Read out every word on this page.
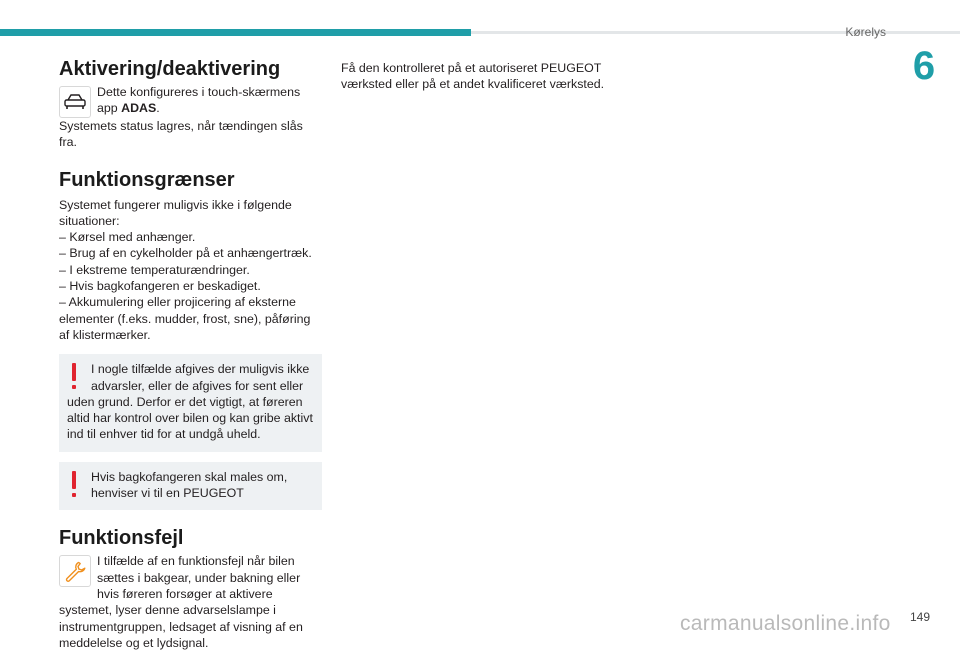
Kørelys
6
Aktivering/deaktivering
Dette konfigureres i touch-skærmens app ADAS.

Systemets status lagres, når tændingen slås fra.

Funktionsgrænser

Systemet fungerer muligvis ikke i følgende situationer:

– Kørsel med anhænger.

– Brug af en cykelholder på et anhængertræk.

– I ekstreme temperaturændringer.

– Hvis bagkofangeren er beskadiget.

– Akkumulering eller projicering af eksterne elementer (f.eks. mudder, frost, sne), påføring af klistermærker.

I nogle tilfælde afgives der muligvis ikke advarsler, eller de afgives for sent eller uden grund. Derfor er det vigtigt, at føreren altid har kontrol over bilen og kan gribe aktivt ind til enhver tid for at undgå uheld.

Hvis bagkofangeren skal males om, henviser vi til en PEUGEOT

Funktionsfejl
I tilfælde af en funktionsfejl når bilen sættes i bakgear, under bakning eller hvis føreren forsøger at aktivere systemet, lyser denne advarselslampe i instrumentgruppen, ledsaget af visning af en meddelelse og et lydsignal.

Få den kontrolleret på et autoriseret PEUGEOT værksted eller på et andet kvalificeret værksted.

carmanualsonline.info 149
